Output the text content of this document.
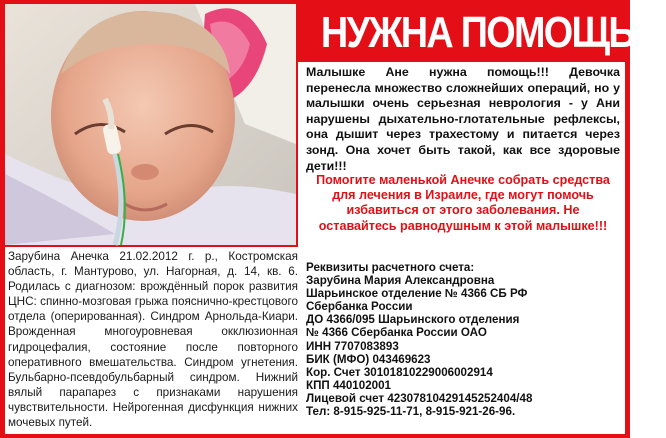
НУЖНА ПОМОЩЬ!!!
Малышке Ане нужна помощь!!! Девочка перенесла множество сложнейших операций, но у малышки очень серьезная неврология - у Ани нарушены дыхательно-глотательные рефлексы, она дышит через трахестому и питается через зонд. Она хочет быть такой, как все здоровые дети!!!
Помогите маленькой Анечке собрать средства для лечения в Израиле, где могут помочь избавиться от этого заболевания. Не оставайтесь равнодушным к этой малышке!!!
Реквизиты расчетного счета:
Зарубина Мария Александровна
Шарьинское отделение № 4366 СБ РФ
Сбербанка России
ДО 4366/095 Шарьинского отделения
№ 4366 Сбербанка России ОАО
ИНН 7707083893
БИК (МФО) 043469623
Кор. Счет 30101810229006002914
КПП 440102001
Лицевой счет 42307810429145252404/48
Тел: 8-915-925-11-71, 8-915-921-26-96.
Зарубина Анечка 21.02.2012 г. р., Костромская область, г. Мантурово, ул. Нагорная, д. 14, кв. 6. Родилась с диагнозом: врождённый порок развития ЦНС: спинно-мозговая грыжа пояснично-крестцового отдела (оперированная). Синдром Арнольда-Киари. Врожденная многоуровневая окклюзионная гидроцефалия, состояние после повторного оперативного вмешательства. Синдром угнетения. Бульбарно-псевдобульбарный синдром. Нижний вялый парапарез с признаками нарушения чувствительности. Нейрогенная дисфункция нижних мочевых путей.
